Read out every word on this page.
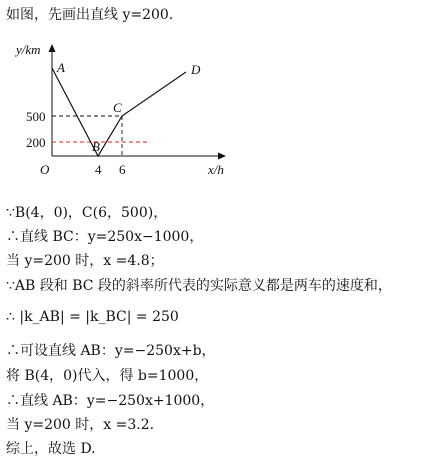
如图，先画出直线 y=200.
y/km
x/h
O
500
200
4 6
A
B
C
D
∵B(4，0)，C(6，500)，
∴直线 BC：y=250x−1000，
当 y=200 时，x =4.8；
∵AB 段和 BC 段的斜率所代表的实际意义都是两车的速度和，
∴ |k_AB| = |k_BC| = 250
∴可设直线 AB：y=−250x+b，
将 B(4，0)代入，得 b=1000，
∴直线 AB：y=−250x+1000，
当 y=200 时，x =3.2.
综上，故选 D.
